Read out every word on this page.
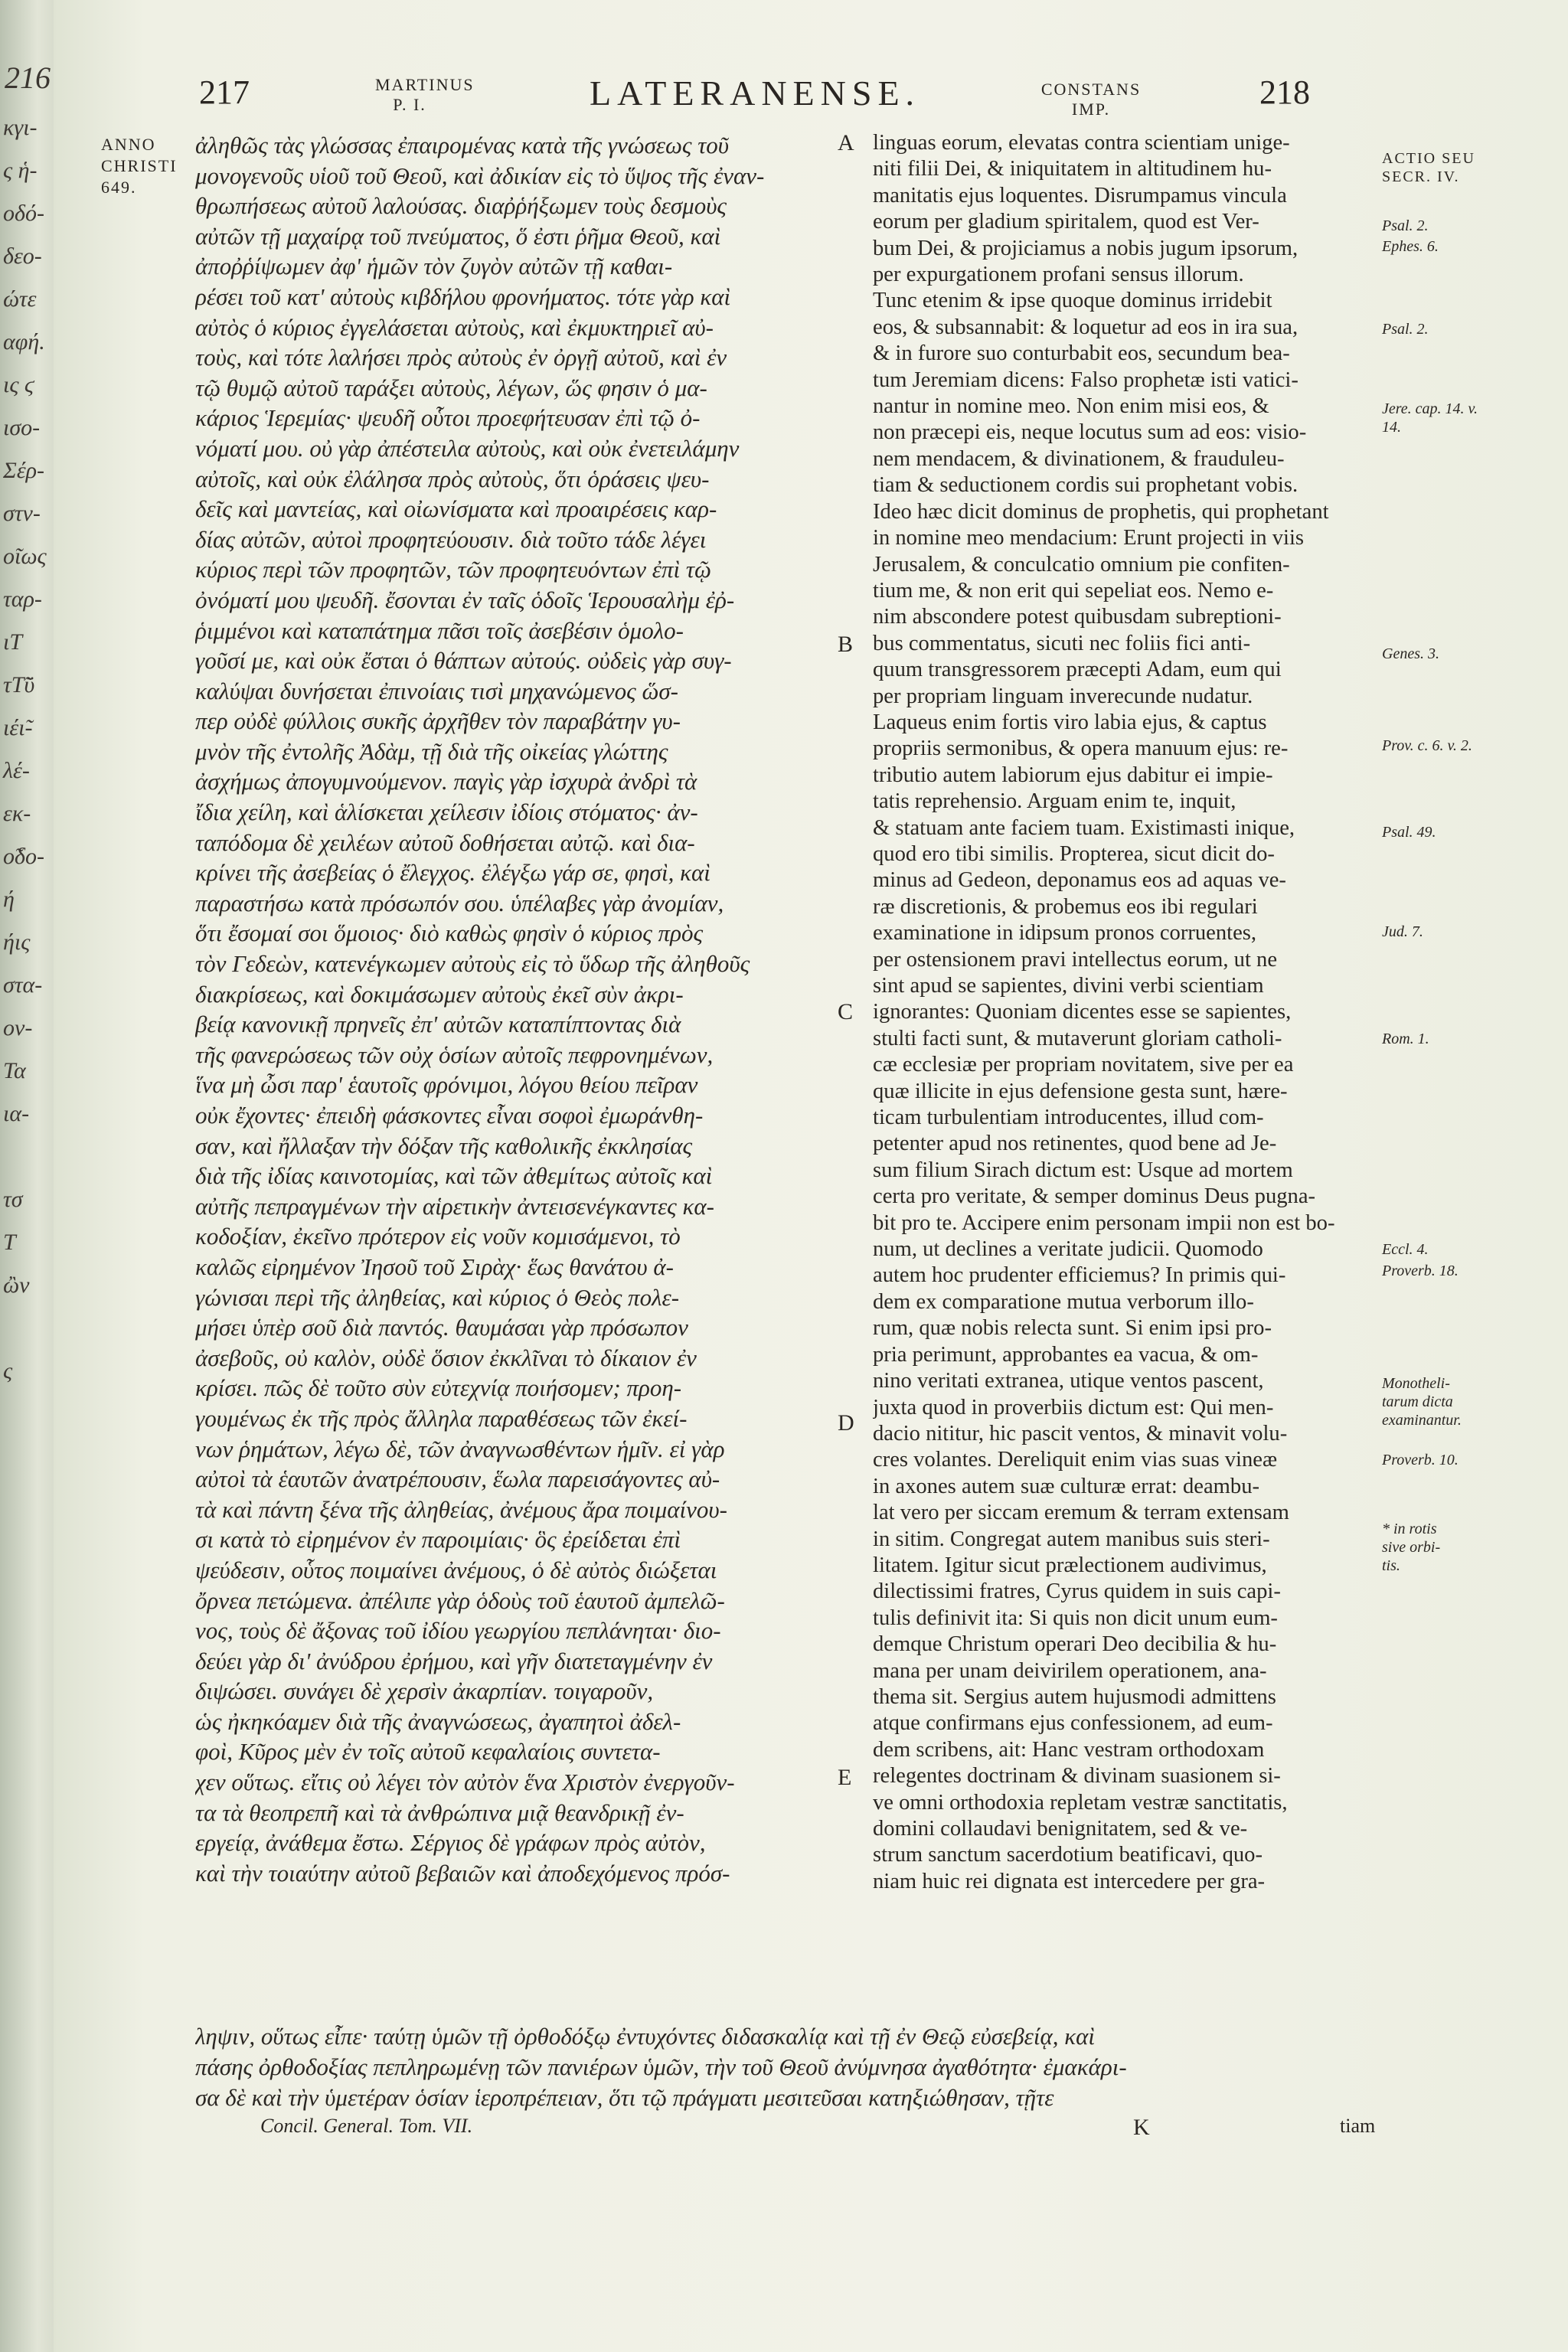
216
κγι-
ς ἡ-
οδό-
δεο-
ώτε
αφή.
ις ϛ
ισο-
Σέρ-
στν-
ο̃ιως
ταρ-
ιΤ
τΤ̃ϋ
ιέι̃-
λέ-
εκ-
ο̃δο-
ή
ήις
στα-
ον-
Τα
ια-
τσ
Τ
ὢν
ς
217	MARTINUS P. I.	LATERANENSE.	CONSTANS IMP.	218
ANNO
CHRISTI
649.

ἀληθῶς τὰς γλώσσας ἐπαιρομένας κατὰ τῆς γνώσεως τοῦ

μονογενοῦς υἱοῦ τοῦ Θεοῦ, καὶ ἀδικίαν εἰς τὸ ὕψος τῆς ἐναν-

θρωπήσεως αὐτοῦ λαλούσας. διαῤῥήξωμεν τοὺς δεσμοὺς

αὐτῶν τῇ μαχαίρᾳ τοῦ πνεύματος, ὅ ἐστι ῥῆμα Θεοῦ, καὶ

ἀποῤῥίψωμεν ἀφ' ἡμῶν τὸν ζυγὸν αὐτῶν τῇ καθαι-

ρέσει τοῦ κατ' αὐτοὺς κιβδήλου φρονήματος. τότε γὰρ καὶ

αὐτὸς ὁ κύριος ἐγγελάσεται αὐτοὺς, καὶ ἐκμυκτηριεῖ αὐ-

τοὺς, καὶ τότε λαλήσει πρὸς αὐτοὺς ἐν ὀργῇ αὐτοῦ, καὶ ἐν

τῷ θυμῷ αὐτοῦ ταράξει αὐτοὺς, λέγων, ὥς φησιν ὁ μα-

κάριος Ἱερεμίας· ψευδῆ οὗτοι προεφήτευσαν ἐπὶ τῷ ὀ-

νόματί μου. οὐ γὰρ ἀπέστειλα αὐτοὺς, καὶ οὐκ ἐνετειλάμην

αὐτοῖς, καὶ οὐκ ἐλάλησα πρὸς αὐτοὺς, ὅτι ὁράσεις ψευ-

δεῖς καὶ μαντείας, καὶ οἰωνίσματα καὶ προαιρέσεις καρ-

δίας αὐτῶν, αὐτοὶ προφητεύουσιν. διὰ τοῦτο τάδε λέγει

κύριος περὶ τῶν προφητῶν, τῶν προφητευόντων ἐπὶ τῷ

ὀνόματί μου ψευδῆ. ἔσονται ἐν ταῖς ὁδοῖς Ἱερουσαλὴμ ἐῤ-

ῥιμμένοι καὶ καταπάτημα πᾶσι τοῖς ἀσεβέσιν ὁμολο-

γοῦσί με, καὶ οὐκ ἔσται ὁ θάπτων αὐτούς. οὐδεὶς γὰρ συγ-

καλύψαι δυνήσεται ἐπινοίαις τισὶ μηχανώμενος ὥσ-

περ οὐδὲ φύλλοις συκῆς ἀρχῆθεν τὸν παραβάτην γυ-

μνὸν τῆς ἐντολῆς Ἀδὰμ, τῇ διὰ τῆς οἰκείας γλώττης

ἀσχήμως ἀπογυμνούμενον. παγὶς γὰρ ἰσχυρὰ ἀνδρὶ τὰ

ἴδια χείλη, καὶ ἁλίσκεται χείλεσιν ἰδίοις στόματος· ἀν-

ταπόδομα δὲ χειλέων αὐτοῦ δοθήσεται αὐτῷ. καὶ δια-

κρίνει τῆς ἀσεβείας ὁ ἔλεγχος. ἐλέγξω γάρ σε, φησὶ, καὶ

παραστήσω κατὰ πρόσωπόν σου. ὑπέλαβες γὰρ ἀνομίαν,

ὅτι ἔσομαί σοι ὅμοιος· διὸ καθὼς φησὶν ὁ κύριος πρὸς

τὸν Γεδεὼν, κατενέγκωμεν αὐτοὺς εἰς τὸ ὕδωρ τῆς ἀληθοῦς

διακρίσεως, καὶ δοκιμάσωμεν αὐτοὺς ἐκεῖ σὺν ἀκρι-

βείᾳ κανονικῇ πρηνεῖς ἐπ' αὐτῶν καταπίπτοντας διὰ

τῆς φανερώσεως τῶν οὐχ ὁσίων αὐτοῖς πεφρονημένων,

ἵνα μὴ ὦσι παρ' ἑαυτοῖς φρόνιμοι, λόγου θείου πεῖραν

οὐκ ἔχοντες· ἐπειδὴ φάσκοντες εἶναι σοφοὶ ἐμωράνθη-

σαν, καὶ ἤλλαξαν τὴν δόξαν τῆς καθολικῆς ἐκκλησίας

διὰ τῆς ἰδίας καινοτομίας, καὶ τῶν ἀθεμίτως αὐτοῖς καὶ

αὐτῆς πεπραγμένων τὴν αἱρετικὴν ἀντεισενέγκαντες κα-

κοδοξίαν, ἐκεῖνο πρότερον εἰς νοῦν κομισάμενοι, τὸ

καλῶς εἰρημένον Ἰησοῦ τοῦ Σιρὰχ· ἕως θανάτου ἀ-

γώνισαι περὶ τῆς ἀληθείας, καὶ κύριος ὁ Θεὸς πολε-

μήσει ὑπὲρ σοῦ διὰ παντός. θαυμάσαι γὰρ πρόσωπον

ἀσεβοῦς, οὐ καλὸν, οὐδὲ ὅσιον ἐκκλῖναι τὸ δίκαιον ἐν

κρίσει. πῶς δὲ τοῦτο σὺν εὐτεχνίᾳ ποιήσομεν; προη-

γουμένως ἐκ τῆς πρὸς ἄλληλα παραθέσεως τῶν ἐκεί-

νων ῥημάτων, λέγω δὲ, τῶν ἀναγνωσθέντων ἡμῖν. εἰ γὰρ

αὐτοὶ τὰ ἑαυτῶν ἀνατρέπουσιν, ἕωλα παρεισάγοντες αὐ-

τὰ καὶ πάντη ξένα τῆς ἀληθείας, ἀνέμους ἄρα ποιμαίνου-

σι κατὰ τὸ εἰρημένον ἐν παροιμίαις· ὃς ἐρείδεται ἐπὶ

ψεύδεσιν, οὗτος ποιμαίνει ἀνέμους, ὁ δὲ αὐτὸς διώξεται

ὄρνεα πετώμενα. ἀπέλιπε γὰρ ὁδοὺς τοῦ ἑαυτοῦ ἀμπελῶ-

νος, τοὺς δὲ ἄξονας τοῦ ἰδίου γεωργίου πεπλάνηται· διο-

δεύει γὰρ δι' ἀνύδρου ἐρήμου, καὶ γῆν διατεταγμένην ἐν

διψώσει. συνάγει δὲ χερσὶν ἀκαρπίαν. τοιγαροῦν,

ὡς ἠκηκόαμεν διὰ τῆς ἀναγνώσεως, ἀγαπητοὶ ἀδελ-

φοὶ, Κῦρος μὲν ἐν τοῖς αὐτοῦ κεφαλαίοις συντετα-

χεν οὕτως. εἴτις οὐ λέγει τὸν αὐτὸν ἕνα Χριστὸν ἐνεργοῦν-

τα τὰ θεοπρεπῆ καὶ τὰ ἀνθρώπινα μιᾷ θεανδρικῇ ἐν-

εργείᾳ, ἀνάθεμα ἔστω. Σέργιος δὲ γράφων πρὸς αὐτὸν,

καὶ τὴν τοιαύτην αὐτοῦ βεβαιῶν καὶ ἀποδεχόμενος πρόσ-

A
B
C
D
E

linguas eorum, elevatas contra scientiam unige-

niti filii Dei, & iniquitatem in altitudinem hu-

manitatis ejus loquentes. Disrumpamus vincula

eorum per gladium spiritalem, quod est Ver-

bum Dei, & projiciamus a nobis jugum ipsorum,

per expurgationem profani sensus illorum.

Tunc etenim & ipse quoque dominus irridebit

eos, & subsannabit: & loquetur ad eos in ira sua,

& in furore suo conturbabit eos, secundum bea-

tum Jeremiam dicens: Falso prophetæ isti vatici-

nantur in nomine meo. Non enim misi eos, &

non præcepi eis, neque locutus sum ad eos: visio-

nem mendacem, & divinationem, & frauduleu-

tiam & seductionem cordis sui prophetant vobis.

Ideo hæc dicit dominus de prophetis, qui prophetant

in nomine meo mendacium: Erunt projecti in viis

Jerusalem, & conculcatio omnium pie confiten-

tium me, & non erit qui sepeliat eos. Nemo e-

nim abscondere potest quibusdam subreptioni-

bus commentatus, sicuti nec foliis fici anti-

quum transgressorem præcepti Adam, eum qui

per propriam linguam inverecunde nudatur.

Laqueus enim fortis viro labia ejus, & captus

propriis sermonibus, & opera manuum ejus: re-

tributio autem labiorum ejus dabitur ei impie-

tatis reprehensio. Arguam enim te, inquit,

& statuam ante faciem tuam. Existimasti inique,

quod ero tibi similis. Propterea, sicut dicit do-

minus ad Gedeon, deponamus eos ad aquas ve-

ræ discretionis, & probemus eos ibi regulari

examinatione in idipsum pronos corruentes,

per ostensionem pravi intellectus eorum, ut ne

sint apud se sapientes, divini verbi scientiam

ignorantes: Quoniam dicentes esse se sapientes,

stulti facti sunt, & mutaverunt gloriam catholi-

cæ ecclesiæ per propriam novitatem, sive per ea

quæ illicite in ejus defensione gesta sunt, hære-

ticam turbulentiam introducentes, illud com-

petenter apud nos retinentes, quod bene ad Je-

sum filium Sirach dictum est: Usque ad mortem

certa pro veritate, & semper dominus Deus pugna-

bit pro te. Accipere enim personam impii non est bo-

num, ut declines a veritate judicii. Quomodo

autem hoc prudenter efficiemus? In primis qui-

dem ex comparatione mutua verborum illo-

rum, quæ nobis relecta sunt. Si enim ipsi pro-

pria perimunt, approbantes ea vacua, & om-

nino veritati extranea, utique ventos pascent,

juxta quod in proverbiis dictum est: Qui men-

dacio nititur, hic pascit ventos, & minavit volu-

cres volantes. Dereliquit enim vias suas vineæ

in axones autem suæ culturæ errat: deambu-

lat vero per siccam eremum & terram extensam

in sitim. Congregat autem manibus suis steri-

litatem. Igitur sicut prælectionem audivimus,

dilectissimi fratres, Cyrus quidem in suis capi-

tulis definivit ita: Si quis non dicit unum eum-

demque Christum operari Deo decibilia & hu-

mana per unam deivirilem operationem, ana-

thema sit. Sergius autem hujusmodi admittens

atque confirmans ejus confessionem, ad eum-

dem scribens, ait: Hanc vestram orthodoxam

relegentes doctrinam & divinam suasionem si-

ve omni orthodoxia repletam vestræ sanctitatis,

domini collaudavi benignitatem, sed & ve-

strum sanctum sacerdotium beatificavi, quo-

niam huic rei dignata est intercedere per gra-

ACTIO SEU SECR. IV.
Psal. 2.
Ephes. 6.
Psal. 2.
Jere. cap. 14. v. 14.
Genes. 3.
Prov. c. 6. v. 2.
Psal. 49.
Jud. 7.
Rom. 1.
Eccl. 4.
Proverb. 18.
Monothelitarum dicta examinantur.
Proverb. 10.
* in rotis sive orbitis.

ληψιν, οὕτως εἶπε· ταύτῃ ὑμῶν τῇ ὀρθοδόξῳ ἐντυχόντες διδασκαλίᾳ καὶ τῇ ἐν Θεῷ εὐσεβείᾳ, καὶ

πάσης ὀρθοδοξίας πεπληρωμένῃ τῶν πανιέρων ὑμῶν, τὴν τοῦ Θεοῦ ἀνύμνησα ἀγαθότητα· ἐμακάρι-

σα δὲ καὶ τὴν ὑμετέραν ὁσίαν ἱεροπρέπειαν, ὅτι τῷ πράγματι μεσιτεῦσαι κατηξιώθησαν, τῇτε

Concil. General. Tom. VII.	K	tiam
